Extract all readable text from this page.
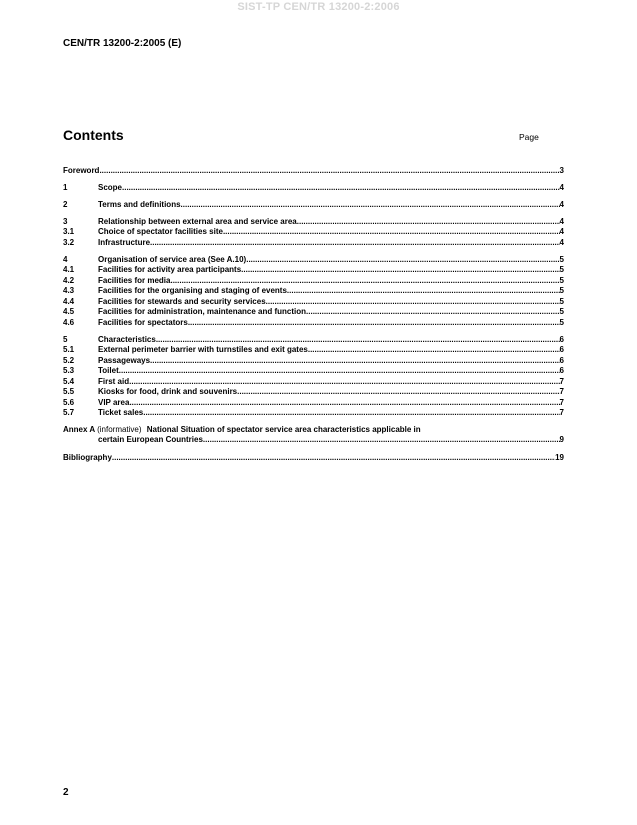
SIST-TP CEN/TR 13200-2:2006
CEN/TR 13200-2:2005 (E)
Contents	Page
Foreword .....	3
1	Scope .....	4
2	Terms and definitions .....	4
3	Relationship between external area and service area .....	4
3.1	Choice of spectator facilities site .....	4
3.2	Infrastructure .....	4
4	Organisation of service area (See A.10) .....	5
4.1	Facilities for activity area participants .....	5
4.2	Facilities for media .....	5
4.3	Facilities for the organising and staging of events .....	5
4.4	Facilities for stewards and security services .....	5
4.5	Facilities for administration, maintenance and function .....	5
4.6	Facilities for spectators .....	5
5	Characteristics .....	6
5.1	External perimeter barrier with turnstiles and exit gates .....	6
5.2	Passageways .....	6
5.3	Toilet .....	6
5.4	First aid .....	7
5.5	Kiosks for food, drink and souvenirs .....	7
5.6	VIP area .....	7
5.7	Ticket sales .....	7
Annex A (informative) National Situation of spectator service area characteristics applicable in
certain European Countries .....	9
Bibliography .....	19
2
